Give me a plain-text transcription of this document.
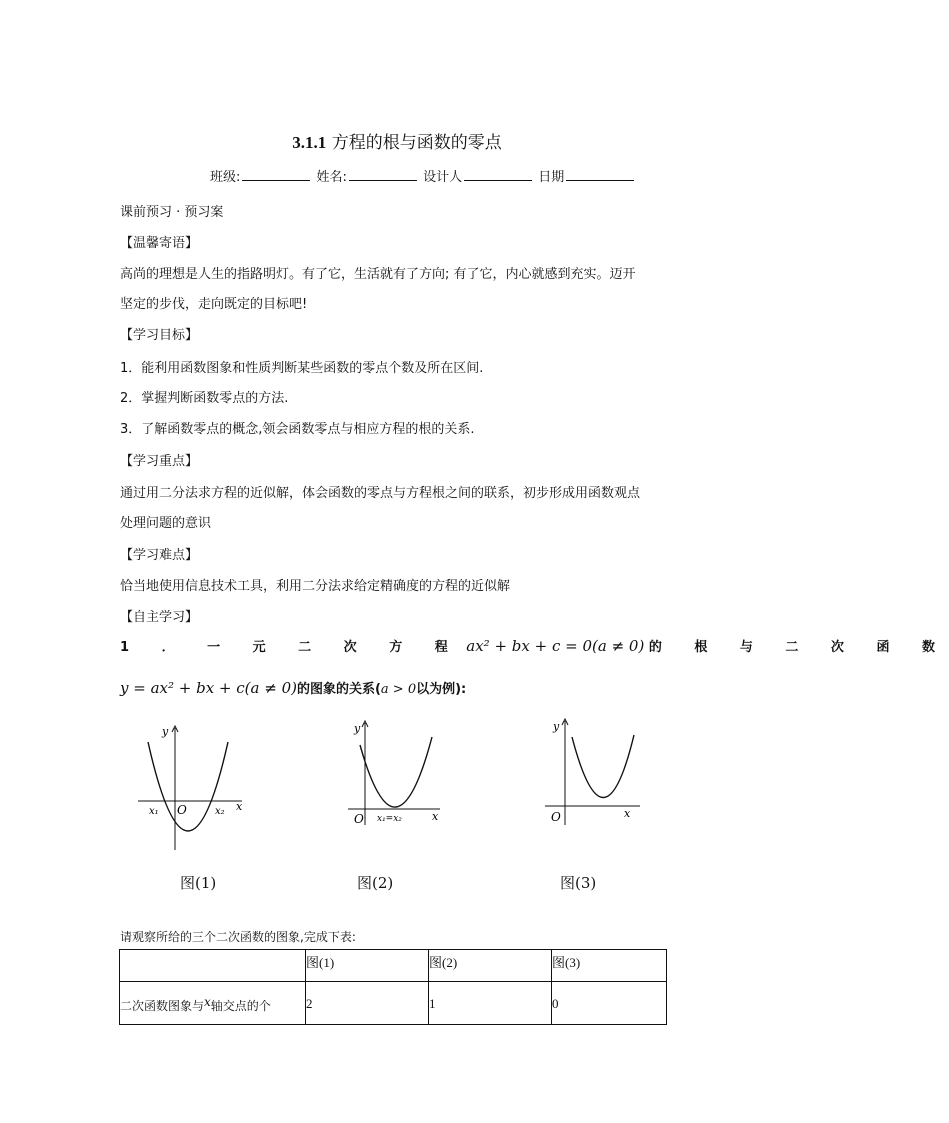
3.1.1 方程的根与函数的零点
班级:	姓名:	设计人	日期
课前预习 · 预习案
【温馨寄语】
高尚的理想是人生的指路明灯。有了它，生活就有了方向; 有了它，内心就感到充实。迈开
坚定的步伐，走向既定的目标吧!
【学习目标】
1．能利用函数图象和性质判断某些函数的零点个数及所在区间.
2．掌握判断函数零点的方法.
3．了解函数零点的概念,领会函数零点与相应方程的根的关系.
【学习重点】
通过用二分法求方程的近似解，体会函数的零点与方程根之间的联系，初步形成用函数观点
处理问题的意识
【学习难点】
恰当地使用信息技术工具，利用二分法求给定精确度的方程的近似解
【自主学习】
1 ． 一 元 二 次 方 程 ax² + bx + c = 0(a ≠ 0) 的 根 与 二 次 函 数
y = ax² + bx + c(a ≠ 0)的图象的关系(a > 0以为例):
y
x
O
x₁	x₂
y
x
O x₁=x₂
y
x
O
图(1)	图(2)	图(3)
请观察所给的三个二次函数的图象,完成下表:
	图(1)	图(2)	图(3)
二次函数图象与x轴交点的个	2	1	0
